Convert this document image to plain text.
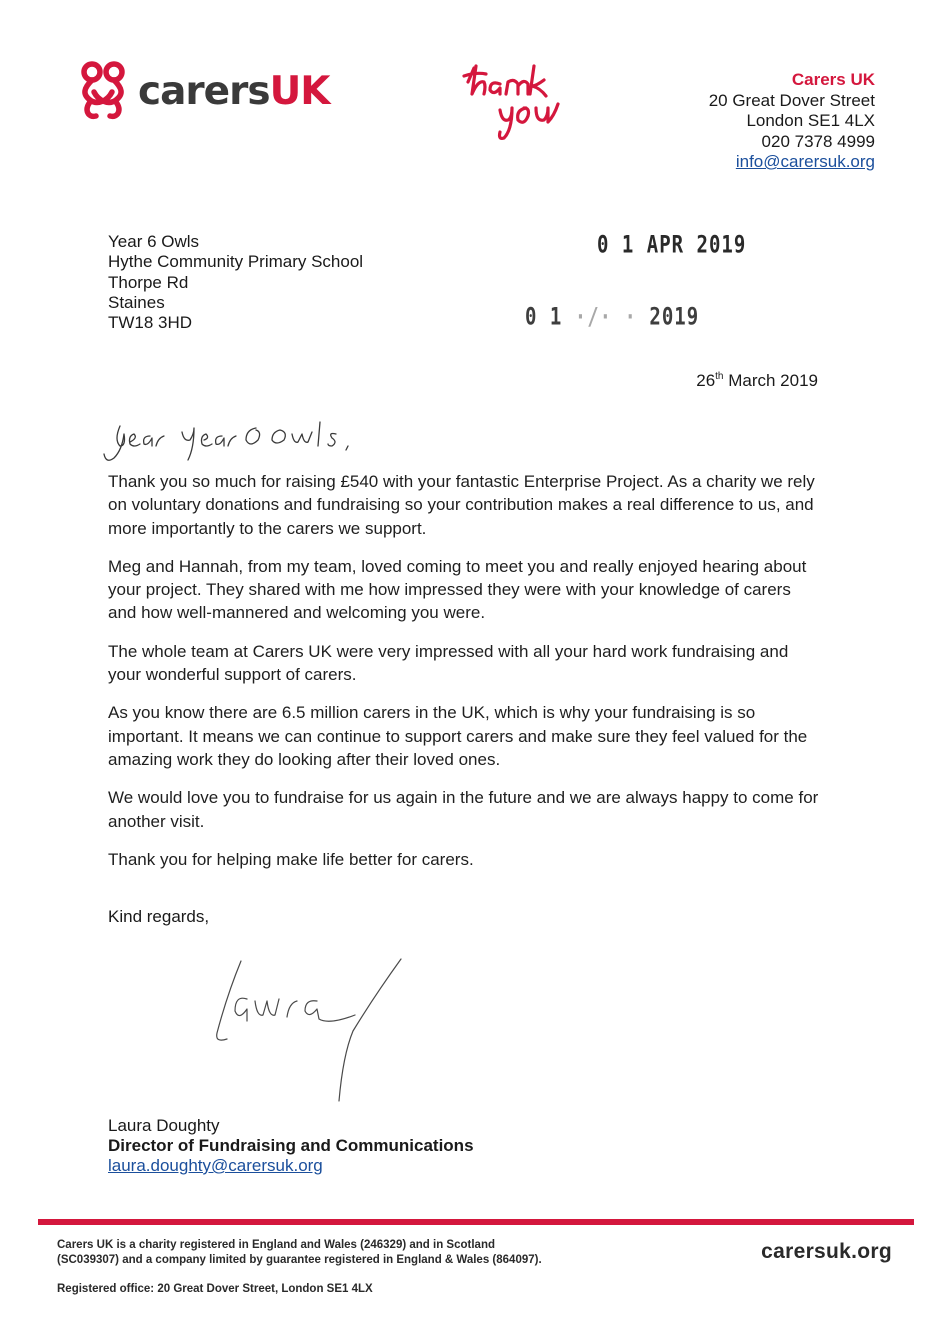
carersUK	Carers UK
20 Great Dover Street
London SE1 4LX
020 7378 4999
info@carersuk.org
Year 6 Owls
Hythe Community Primary School
Thorpe Rd
Staines
TW18 3HD
0 1 APR 2019
0 1 ·/· · 2019
26th March 2019
Dear Year 6 Owls,

Thank you so much for raising £540 with your fantastic Enterprise Project. As a charity we rely on voluntary donations and fundraising so your contribution makes a real difference to us, and more importantly to the carers we support.

Meg and Hannah, from my team, loved coming to meet you and really enjoyed hearing about your project. They shared with me how impressed they were with your knowledge of carers and how well-mannered and welcoming you were.

The whole team at Carers UK were very impressed with all your hard work fundraising and your wonderful support of carers.

As you know there are 6.5 million carers in the UK, which is why your fundraising is so important. It means we can continue to support carers and make sure they feel valued for the amazing work they do looking after their loved ones.

We would love you to fundraise for us again in the future and we are always happy to come for another visit.

Thank you for helping make life better for carers.

Kind regards,
Laura
Laura Doughty
Director of Fundraising and Communications
laura.doughty@carersuk.org
Carers UK is a charity registered in England and Wales (246329) and in Scotland
(SC039307) and a company limited by guarantee registered in England & Wales (864097).
Registered office: 20 Great Dover Street, London SE1 4LX
carersuk.org
